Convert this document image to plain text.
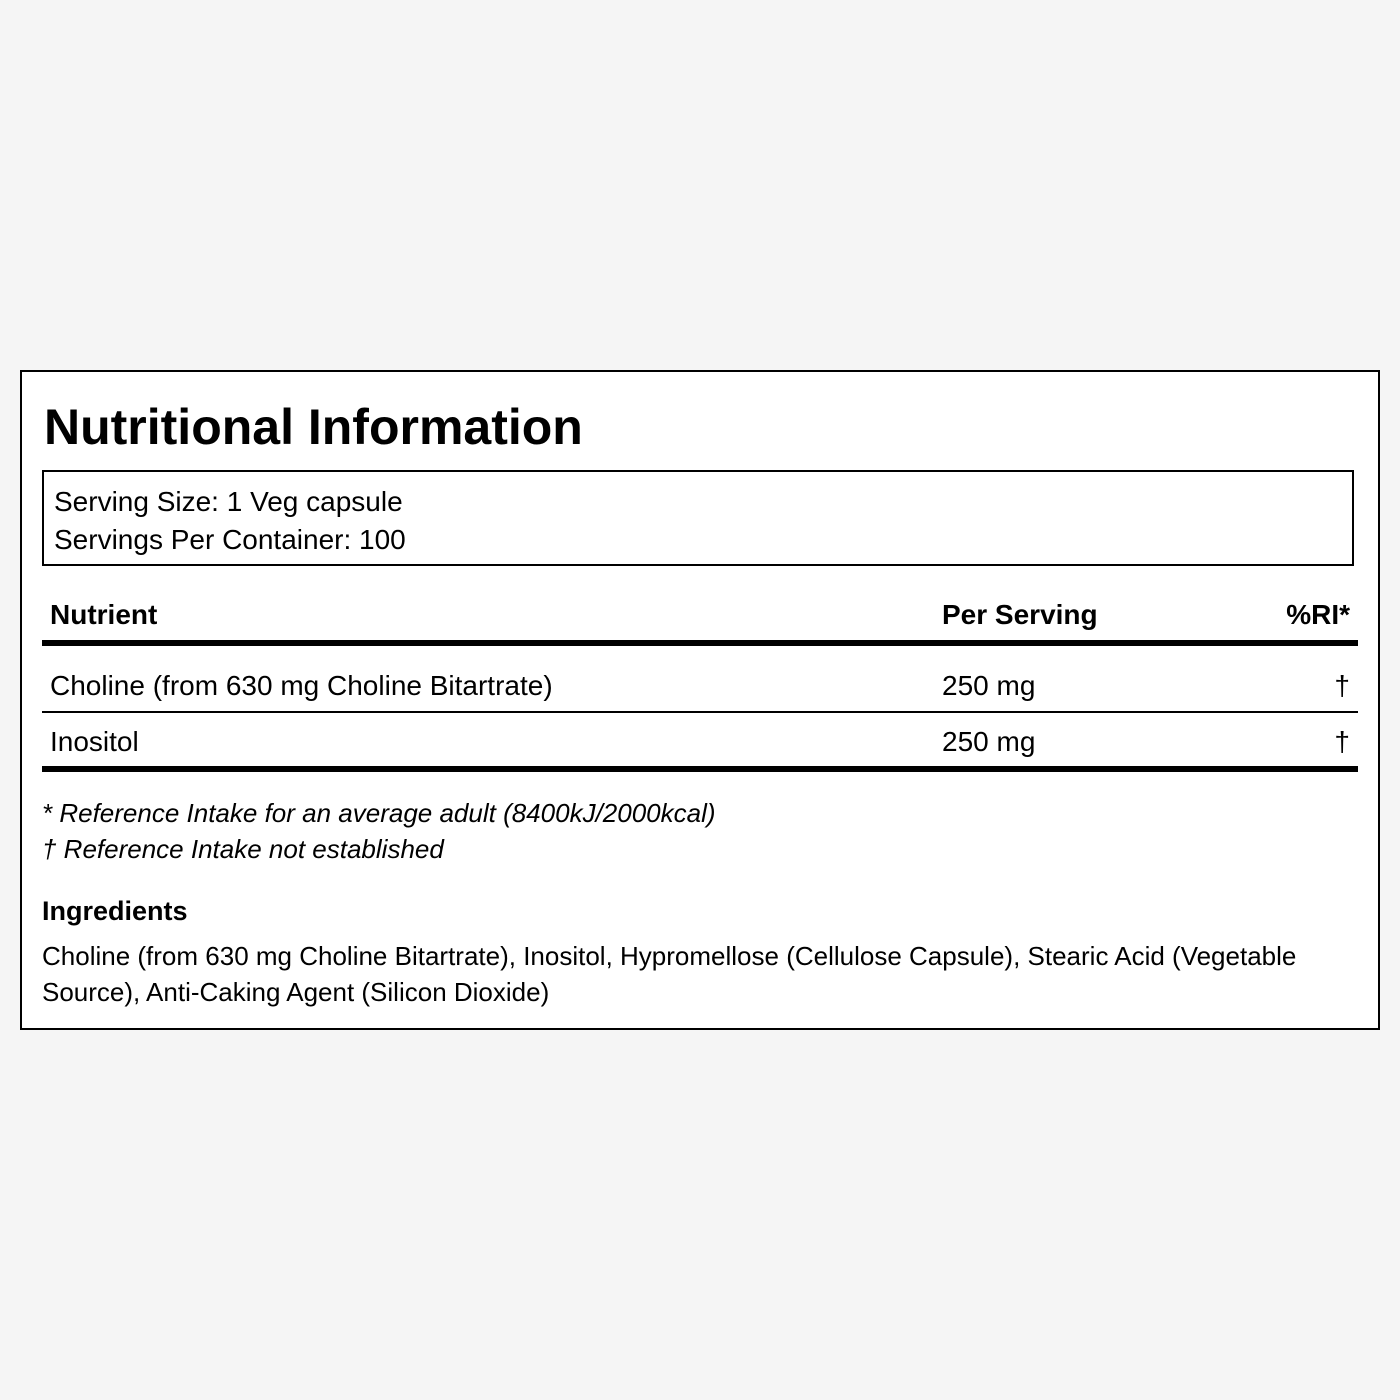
Nutritional Information
Serving Size: 1 Veg capsule
Servings Per Container: 100
Nutrient	Per Serving	%RI*
Choline (from 630 mg Choline Bitartrate)	250 mg	†
Inositol	250 mg	†
* Reference Intake for an average adult (8400kJ/2000kcal)
† Reference Intake not established
Ingredients

Choline (from 630 mg Choline Bitartrate), Inositol, Hypromellose (Cellulose Capsule), Stearic Acid (Vegetable Source), Anti-Caking Agent (Silicon Dioxide)
